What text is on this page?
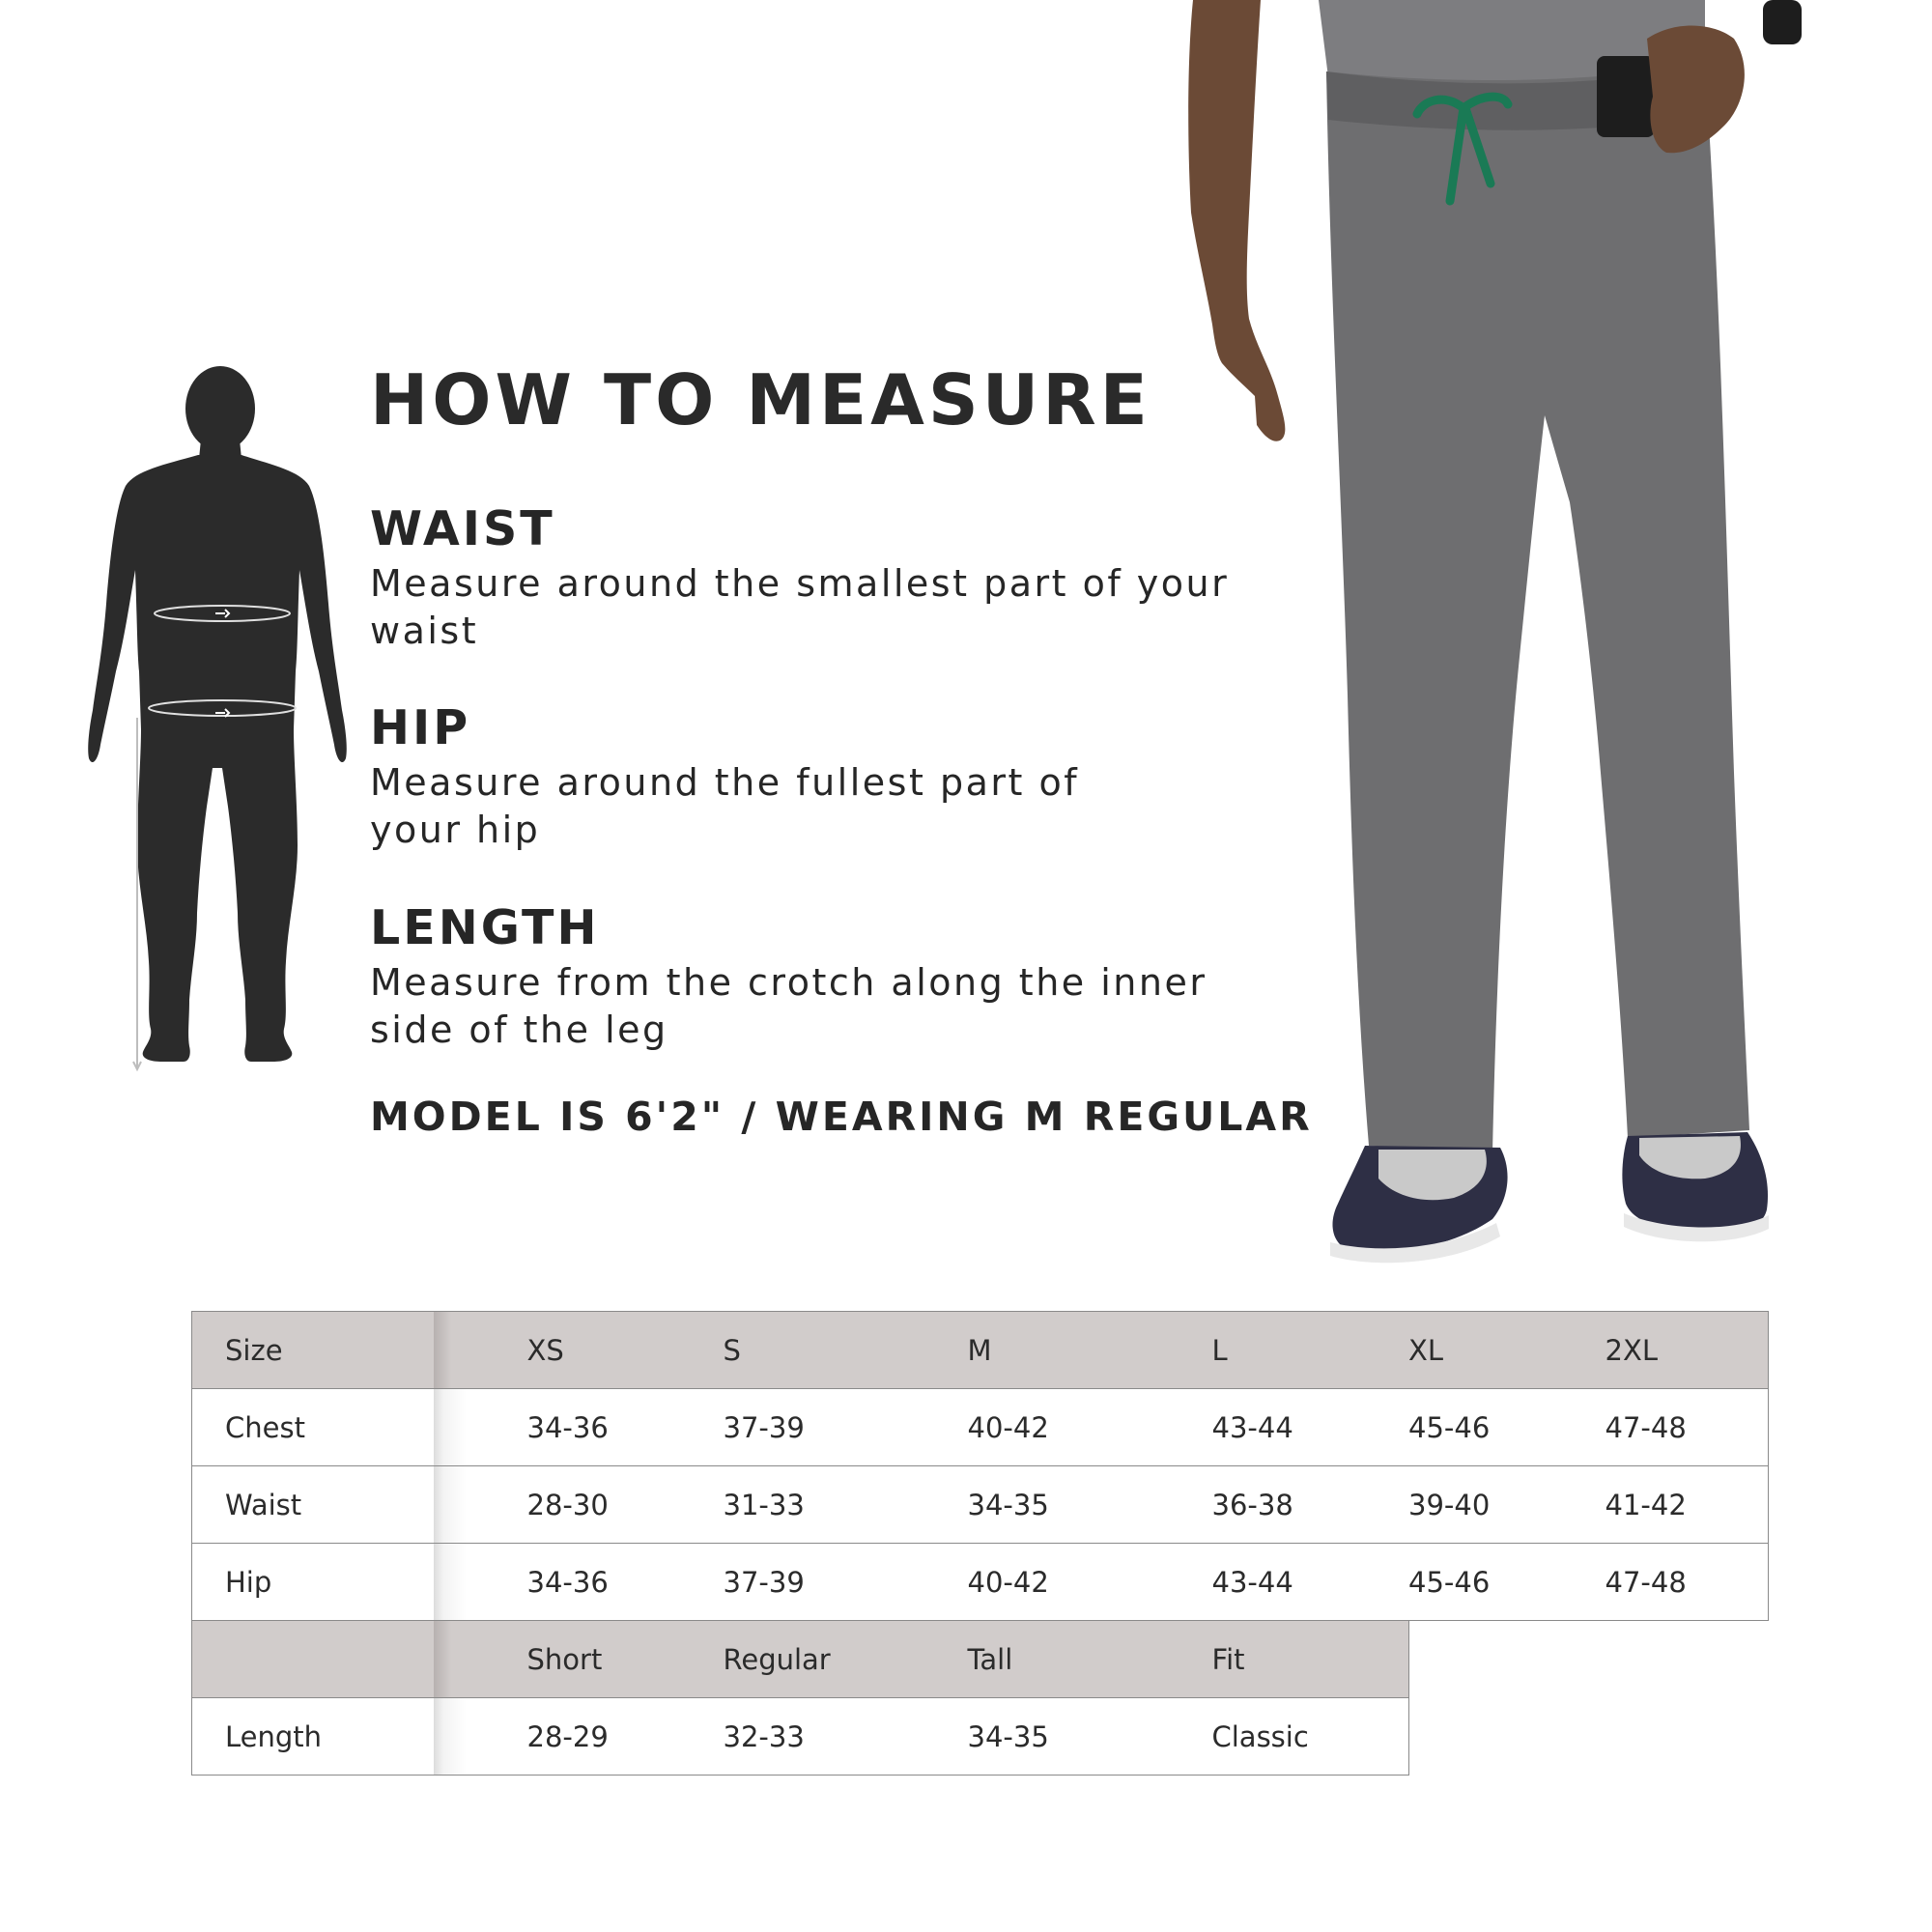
HOW TO MEASURE
WAIST

Measure around the smallest part of your waist

HIP

Measure around the fullest part of your hip

LENGTH

Measure from the crotch along the inner side of the leg

MODEL IS 6'2" / WEARING M REGULAR

Size	XS	S	M	L	XL	2XL
Chest	34-36	37-39	40-42	43-44	45-46	47-48
Waist	28-30	31-33	34-35	36-38	39-40	41-42
Hip	34-36	37-39	40-42	43-44	45-46	47-48
	Short	Regular	Tall	Fit		
Length	28-29	32-33	34-35	Classic		
